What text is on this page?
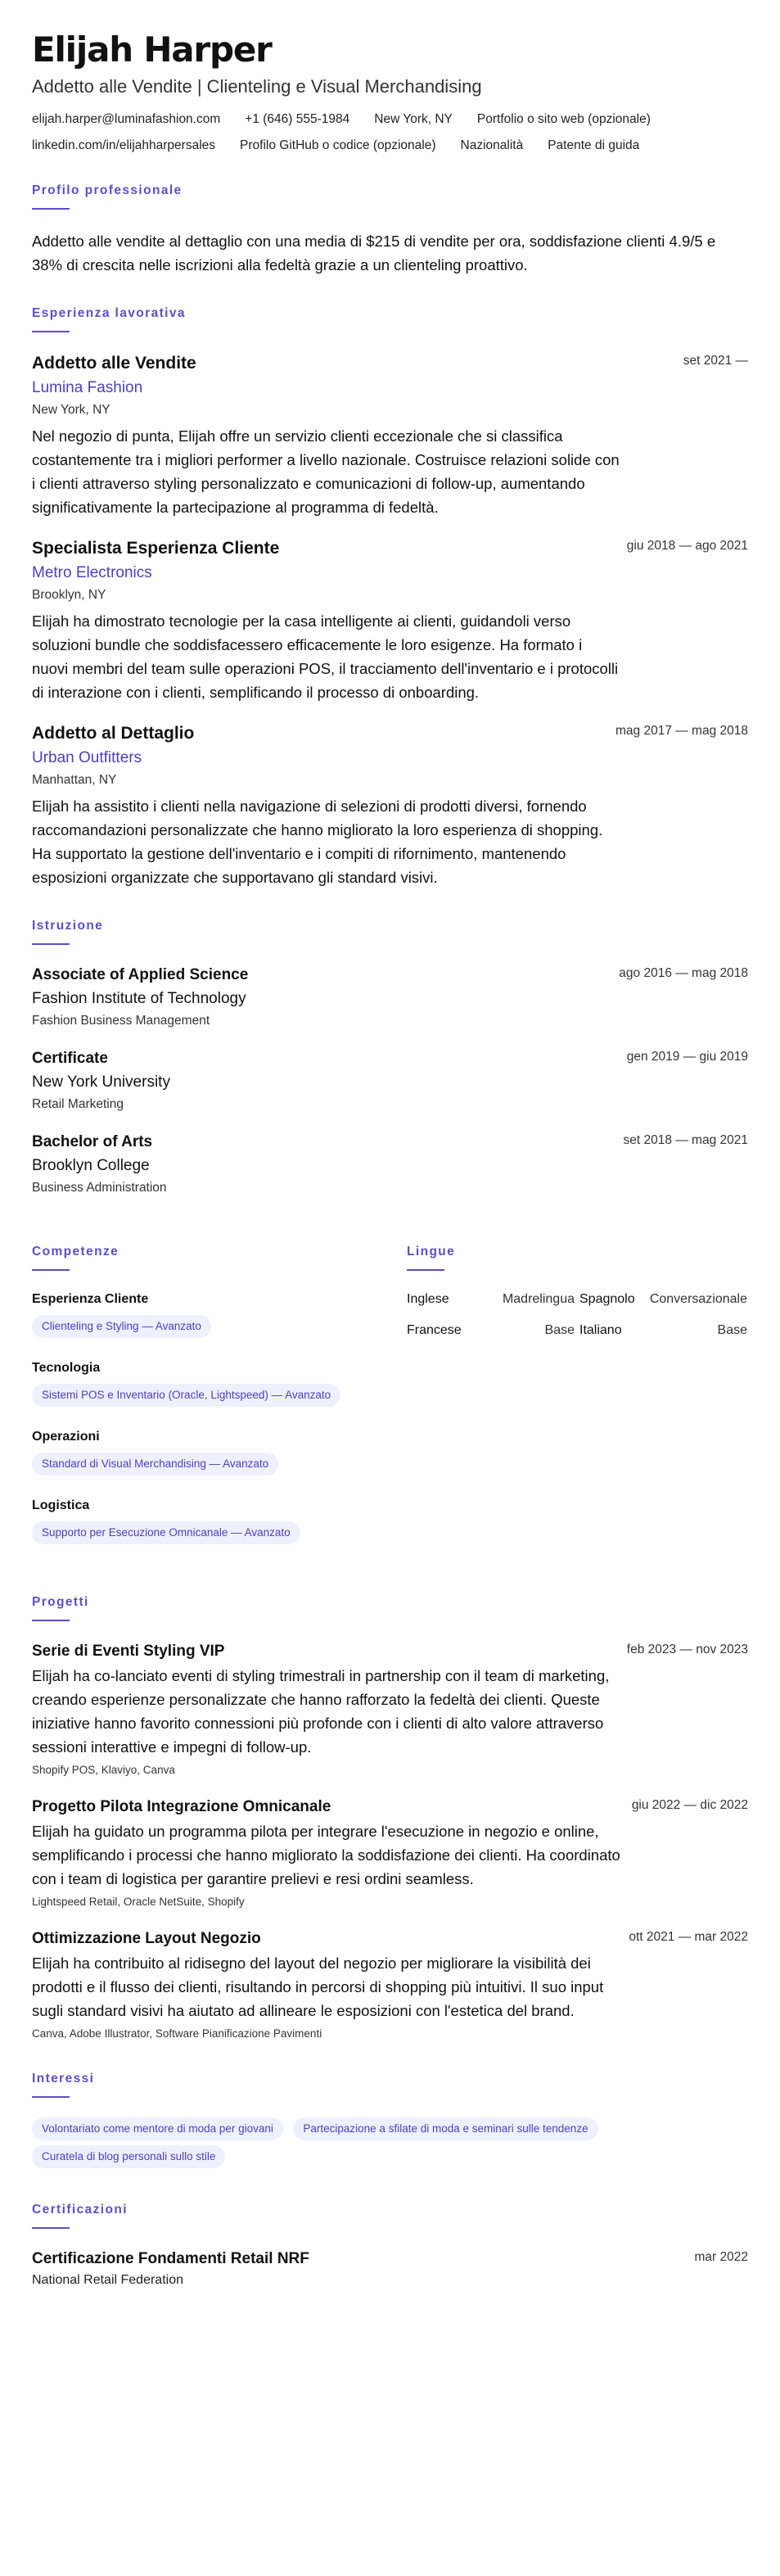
Elijah Harper
Addetto alle Vendite | Clienteling e Visual Merchandising
elijah.harper@luminafashion.com +1 (646) 555-1984 New York, NY Portfolio o sito web (opzionale)
linkedin.com/in/elijahharpersales Profilo GitHub o codice (opzionale) Nazionalità Patente di guida
Profilo professionale
Addetto alle vendite al dettaglio con una media di $215 di vendite per ora, soddisfazione clienti 4.9/5 e 38% di crescita nelle iscrizioni alla fedeltà grazie a un clienteling proattivo.
Esperienza lavorativa
Addetto alle Vendite	set 2021 —
Lumina Fashion
New York, NY
Nel negozio di punta, Elijah offre un servizio clienti eccezionale che si classifica costantemente tra i migliori performer a livello nazionale. Costruisce relazioni solide con i clienti attraverso styling personalizzato e comunicazioni di follow-up, aumentando significativamente la partecipazione al programma di fedeltà.
Specialista Esperienza Cliente	giu 2018 — ago 2021
Metro Electronics
Brooklyn, NY
Elijah ha dimostrato tecnologie per la casa intelligente ai clienti, guidandoli verso soluzioni bundle che soddisfacessero efficacemente le loro esigenze. Ha formato i nuovi membri del team sulle operazioni POS, il tracciamento dell'inventario e i protocolli di interazione con i clienti, semplificando il processo di onboarding.
Addetto al Dettaglio	mag 2017 — mag 2018
Urban Outfitters
Manhattan, NY
Elijah ha assistito i clienti nella navigazione di selezioni di prodotti diversi, fornendo raccomandazioni personalizzate che hanno migliorato la loro esperienza di shopping. Ha supportato la gestione dell'inventario e i compiti di rifornimento, mantenendo esposizioni organizzate che supportavano gli standard visivi.
Istruzione
Associate of Applied Science	ago 2016 — mag 2018
Fashion Institute of Technology
Fashion Business Management
Certificate	gen 2019 — giu 2019
New York University
Retail Marketing
Bachelor of Arts	set 2018 — mag 2021
Brooklyn College
Business Administration
Competenze
Esperienza Cliente
Clienteling e Styling — Avanzato
Tecnologia
Sistemi POS e Inventario (Oracle, Lightspeed) — Avanzato
Operazioni
Standard di Visual Merchandising — Avanzato
Logistica
Supporto per Esecuzione Omnicanale — Avanzato
Lingue
Inglese	Madrelingua Spagnolo Conversazionale
Francese	Base Italiano	Base
Progetti
Serie di Eventi Styling VIP	feb 2023 — nov 2023
Elijah ha co-lanciato eventi di styling trimestrali in partnership con il team di marketing, creando esperienze personalizzate che hanno rafforzato la fedeltà dei clienti. Queste iniziative hanno favorito connessioni più profonde con i clienti di alto valore attraverso sessioni interattive e impegni di follow-up.
Shopify POS, Klaviyo, Canva
Progetto Pilota Integrazione Omnicanale	giu 2022 — dic 2022
Elijah ha guidato un programma pilota per integrare l'esecuzione in negozio e online, semplificando i processi che hanno migliorato la soddisfazione dei clienti. Ha coordinato con i team di logistica per garantire prelievi e resi ordini seamless.
Lightspeed Retail, Oracle NetSuite, Shopify
Ottimizzazione Layout Negozio	ott 2021 — mar 2022
Elijah ha contribuito al ridisegno del layout del negozio per migliorare la visibilità dei prodotti e il flusso dei clienti, risultando in percorsi di shopping più intuitivi. Il suo input sugli standard visivi ha aiutato ad allineare le esposizioni con l'estetica del brand.
Canva, Adobe Illustrator, Software Pianificazione Pavimenti
Interessi
Volontariato come mentore di moda per giovani	Partecipazione a sfilate di moda e seminari sulle tendenze Curatela di blog personali sullo stile
Certificazioni
Certificazione Fondamenti Retail NRF	mar 2022
National Retail Federation
